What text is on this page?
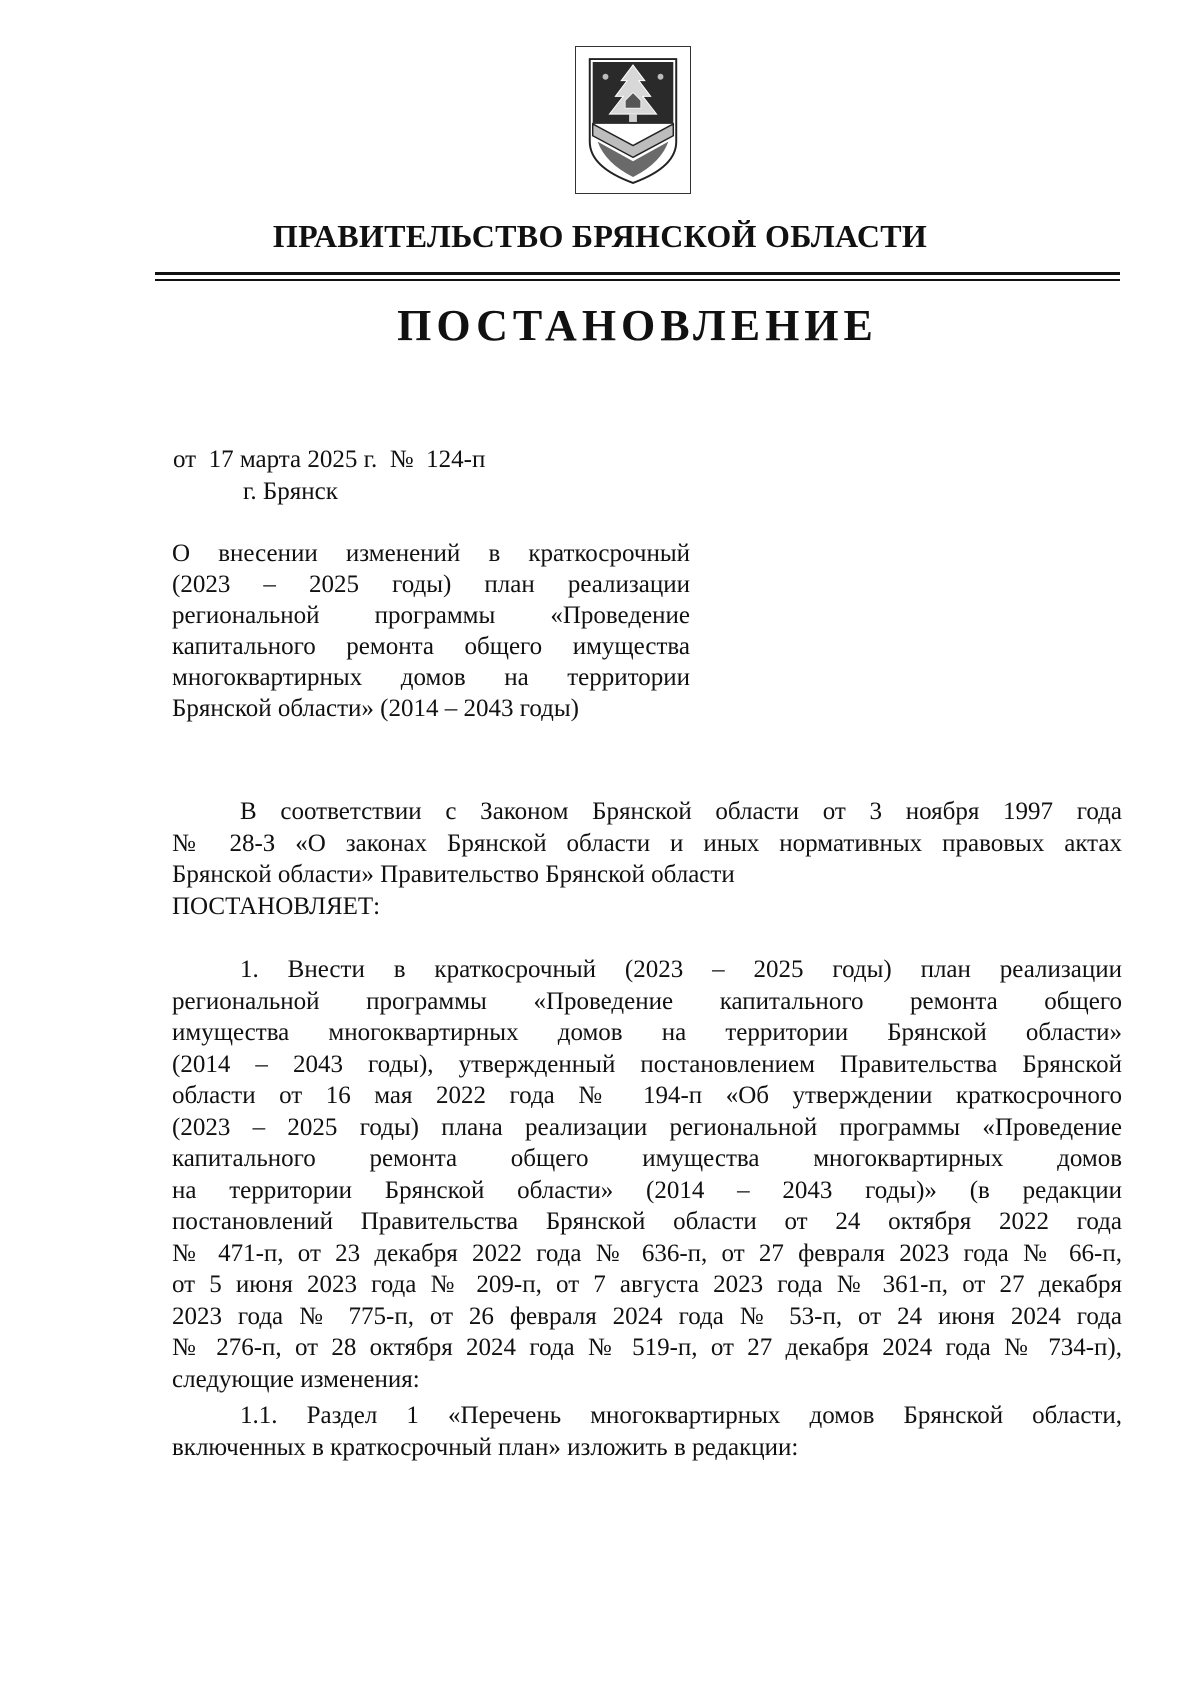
ПРАВИТЕЛЬСТВО БРЯНСКОЙ ОБЛАСТИ
ПОСТАНОВЛЕНИЕ
от  17 марта 2025 г.  №  124-п
г. Брянск
О внесении изменений в краткосрочный
(2023 – 2025 годы) план реализации
региональной программы «Проведение
капитального ремонта общего имущества
многоквартирных домов на территории
Брянской области» (2014 – 2043 годы)
В соответствии с Законом Брянской области от 3 ноября 1997 года
№ 28-З «О законах Брянской области и иных нормативных правовых актах
Брянской области» Правительство Брянской области
ПОСТАНОВЛЯЕТ:
1. Внести в краткосрочный (2023 – 2025 годы) план реализации
региональной программы «Проведение капитального ремонта общего
имущества многоквартирных домов на территории Брянской области»
(2014 – 2043 годы), утвержденный постановлением Правительства Брянской
области от 16 мая 2022 года № 194-п «Об утверждении краткосрочного
(2023 – 2025 годы) плана реализации региональной программы «Проведение
капитального ремонта общего имущества многоквартирных домов
на территории Брянской области» (2014 – 2043 годы)» (в редакции
постановлений Правительства Брянской области от 24 октября 2022 года
№ 471-п, от 23 декабря 2022 года № 636-п, от 27 февраля 2023 года № 66-п,
от 5 июня 2023 года № 209-п, от 7 августа 2023 года № 361-п, от 27 декабря
2023 года № 775-п, от 26 февраля 2024 года № 53-п, от 24 июня 2024 года
№ 276-п, от 28 октября 2024 года № 519-п, от 27 декабря 2024 года № 734-п),
следующие изменения:
1.1. Раздел 1 «Перечень многоквартирных домов Брянской области,
включенных в краткосрочный план» изложить в редакции:
